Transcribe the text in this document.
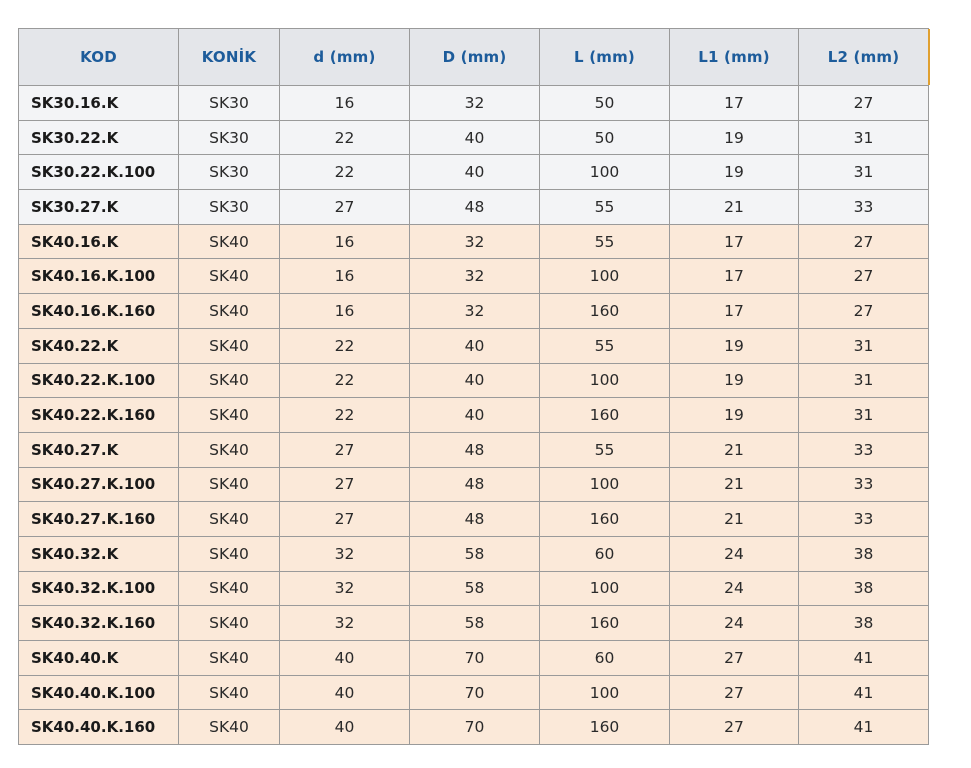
KOD	KONİK	d (mm)	D (mm)	L (mm)	L1 (mm)	L2 (mm)
SK30.16.K	SK30	16	32	50	17	27
SK30.22.K	SK30	22	40	50	19	31
SK30.22.K.100	SK30	22	40	100	19	31
SK30.27.K	SK30	27	48	55	21	33
SK40.16.K	SK40	16	32	55	17	27
SK40.16.K.100	SK40	16	32	100	17	27
SK40.16.K.160	SK40	16	32	160	17	27
SK40.22.K	SK40	22	40	55	19	31
SK40.22.K.100	SK40	22	40	100	19	31
SK40.22.K.160	SK40	22	40	160	19	31
SK40.27.K	SK40	27	48	55	21	33
SK40.27.K.100	SK40	27	48	100	21	33
SK40.27.K.160	SK40	27	48	160	21	33
SK40.32.K	SK40	32	58	60	24	38
SK40.32.K.100	SK40	32	58	100	24	38
SK40.32.K.160	SK40	32	58	160	24	38
SK40.40.K	SK40	40	70	60	27	41
SK40.40.K.100	SK40	40	70	100	27	41
SK40.40.K.160	SK40	40	70	160	27	41
